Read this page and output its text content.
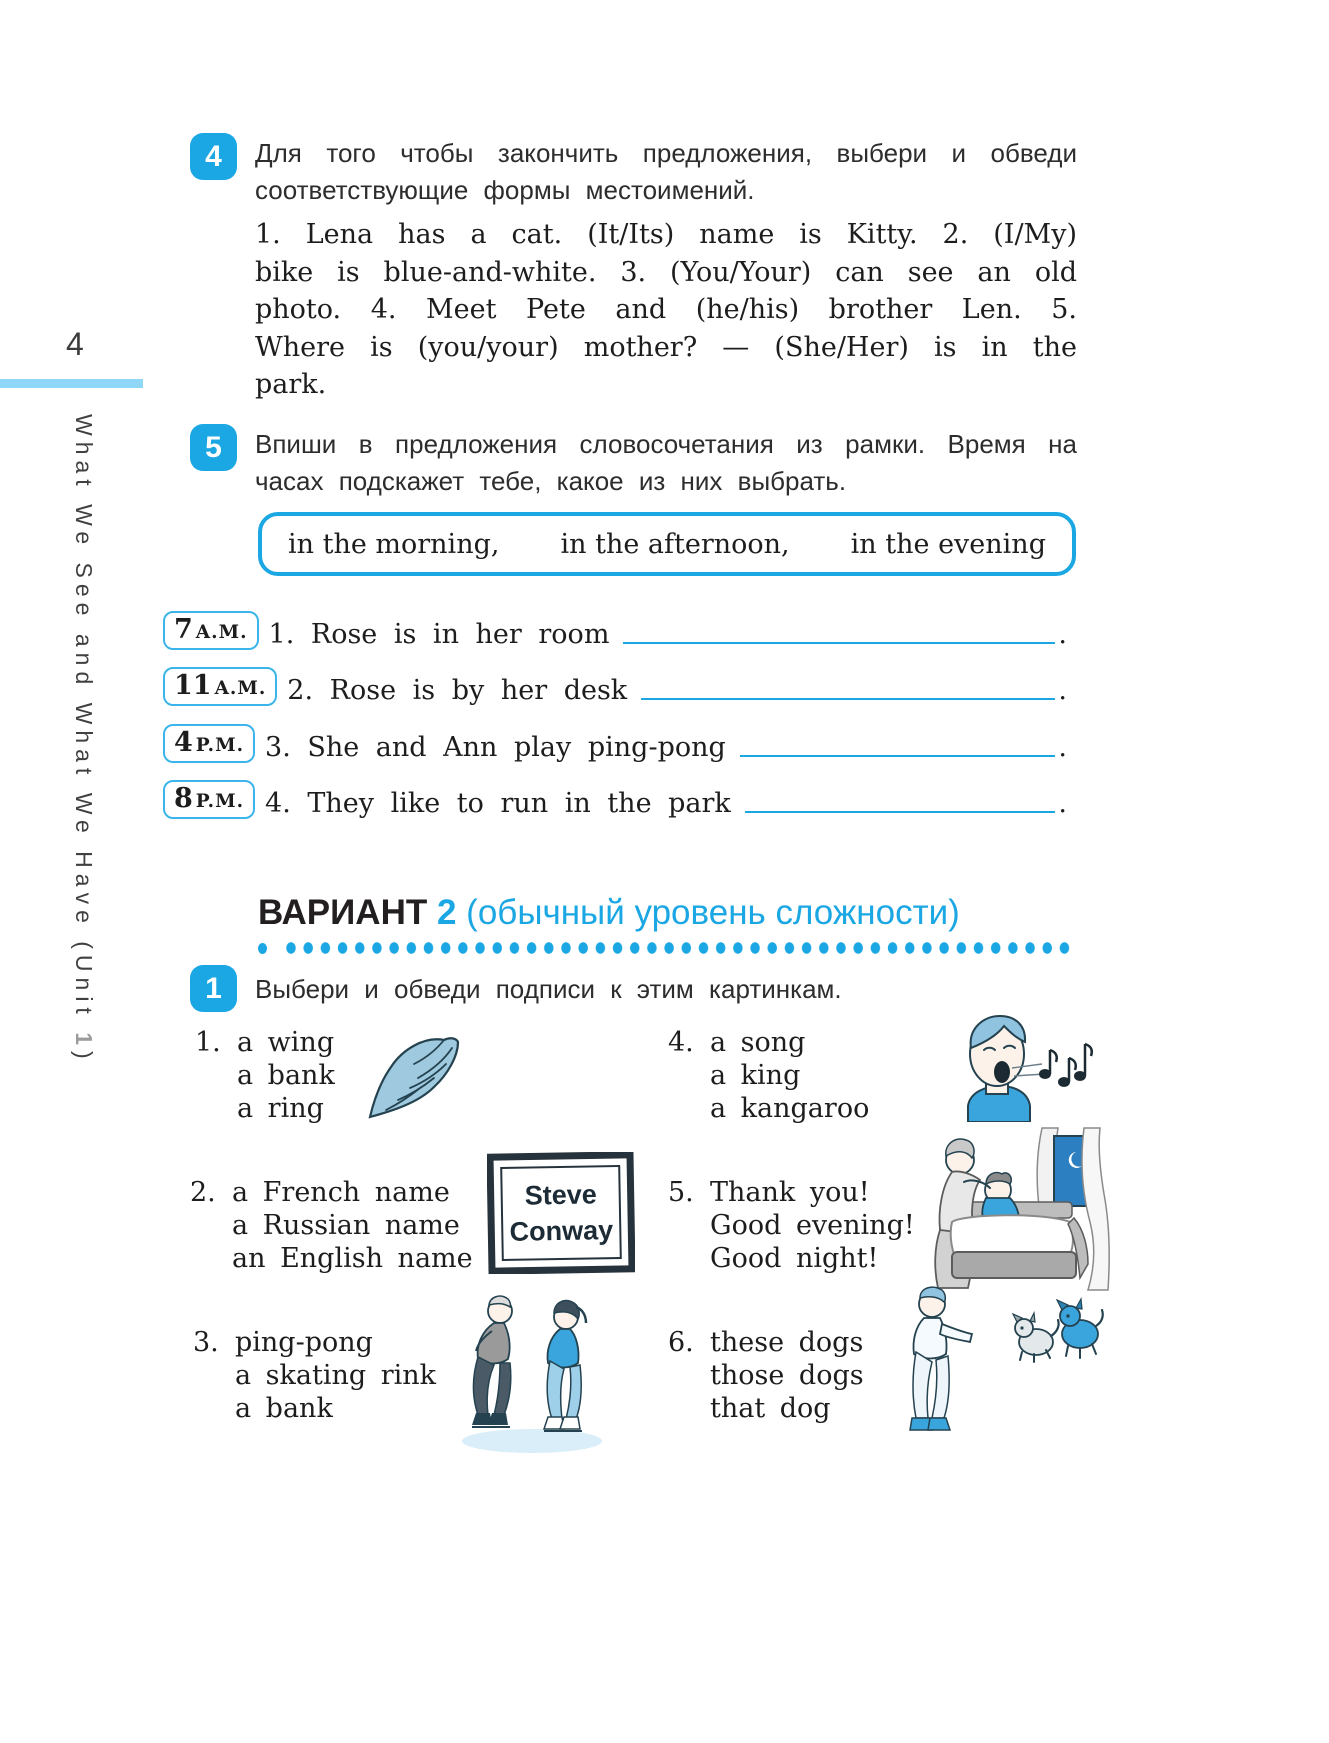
4
What We See and What We Have (Unit 1)
4	Для того чтобы закончить предложения, выбери и обведи соответствующие формы местоимений.
1. Lena has a cat. (It/Its) name is Kitty. 2. (I/My) bike is blue-and-white. 3. (You/Your) can see an old photo. 4. Meet Pete and (he/his) brother Len. 5. Where is (you/your) mother? — (She/Her) is in the park.
5	Впиши в предложения словосочетания из рамки. Время на часах подскажет тебе, какое из них выбрать.
in the morning, in the afternoon, in the evening
7 A.M. 1. Rose is in her room	.
11 A.M. 2. Rose is by her desk	.
4 P.M. 3. She and Ann play ping-pong	.
8 P.M. 4. They like to run in the park	.
ВАРИАНТ 2 (обычный уровень сложности)
1	Выбери и обведи подписи к этим картинкам.
1. a wing
a bank
a ring
4. a song
a king
a kangaroo
2. a French name
a Russian name
an English name
Steve
Conway
5. Thank you!
Good evening!
Good night!
3. ping-pong
a skating rink
a bank
6. these dogs
those dogs
that dog
